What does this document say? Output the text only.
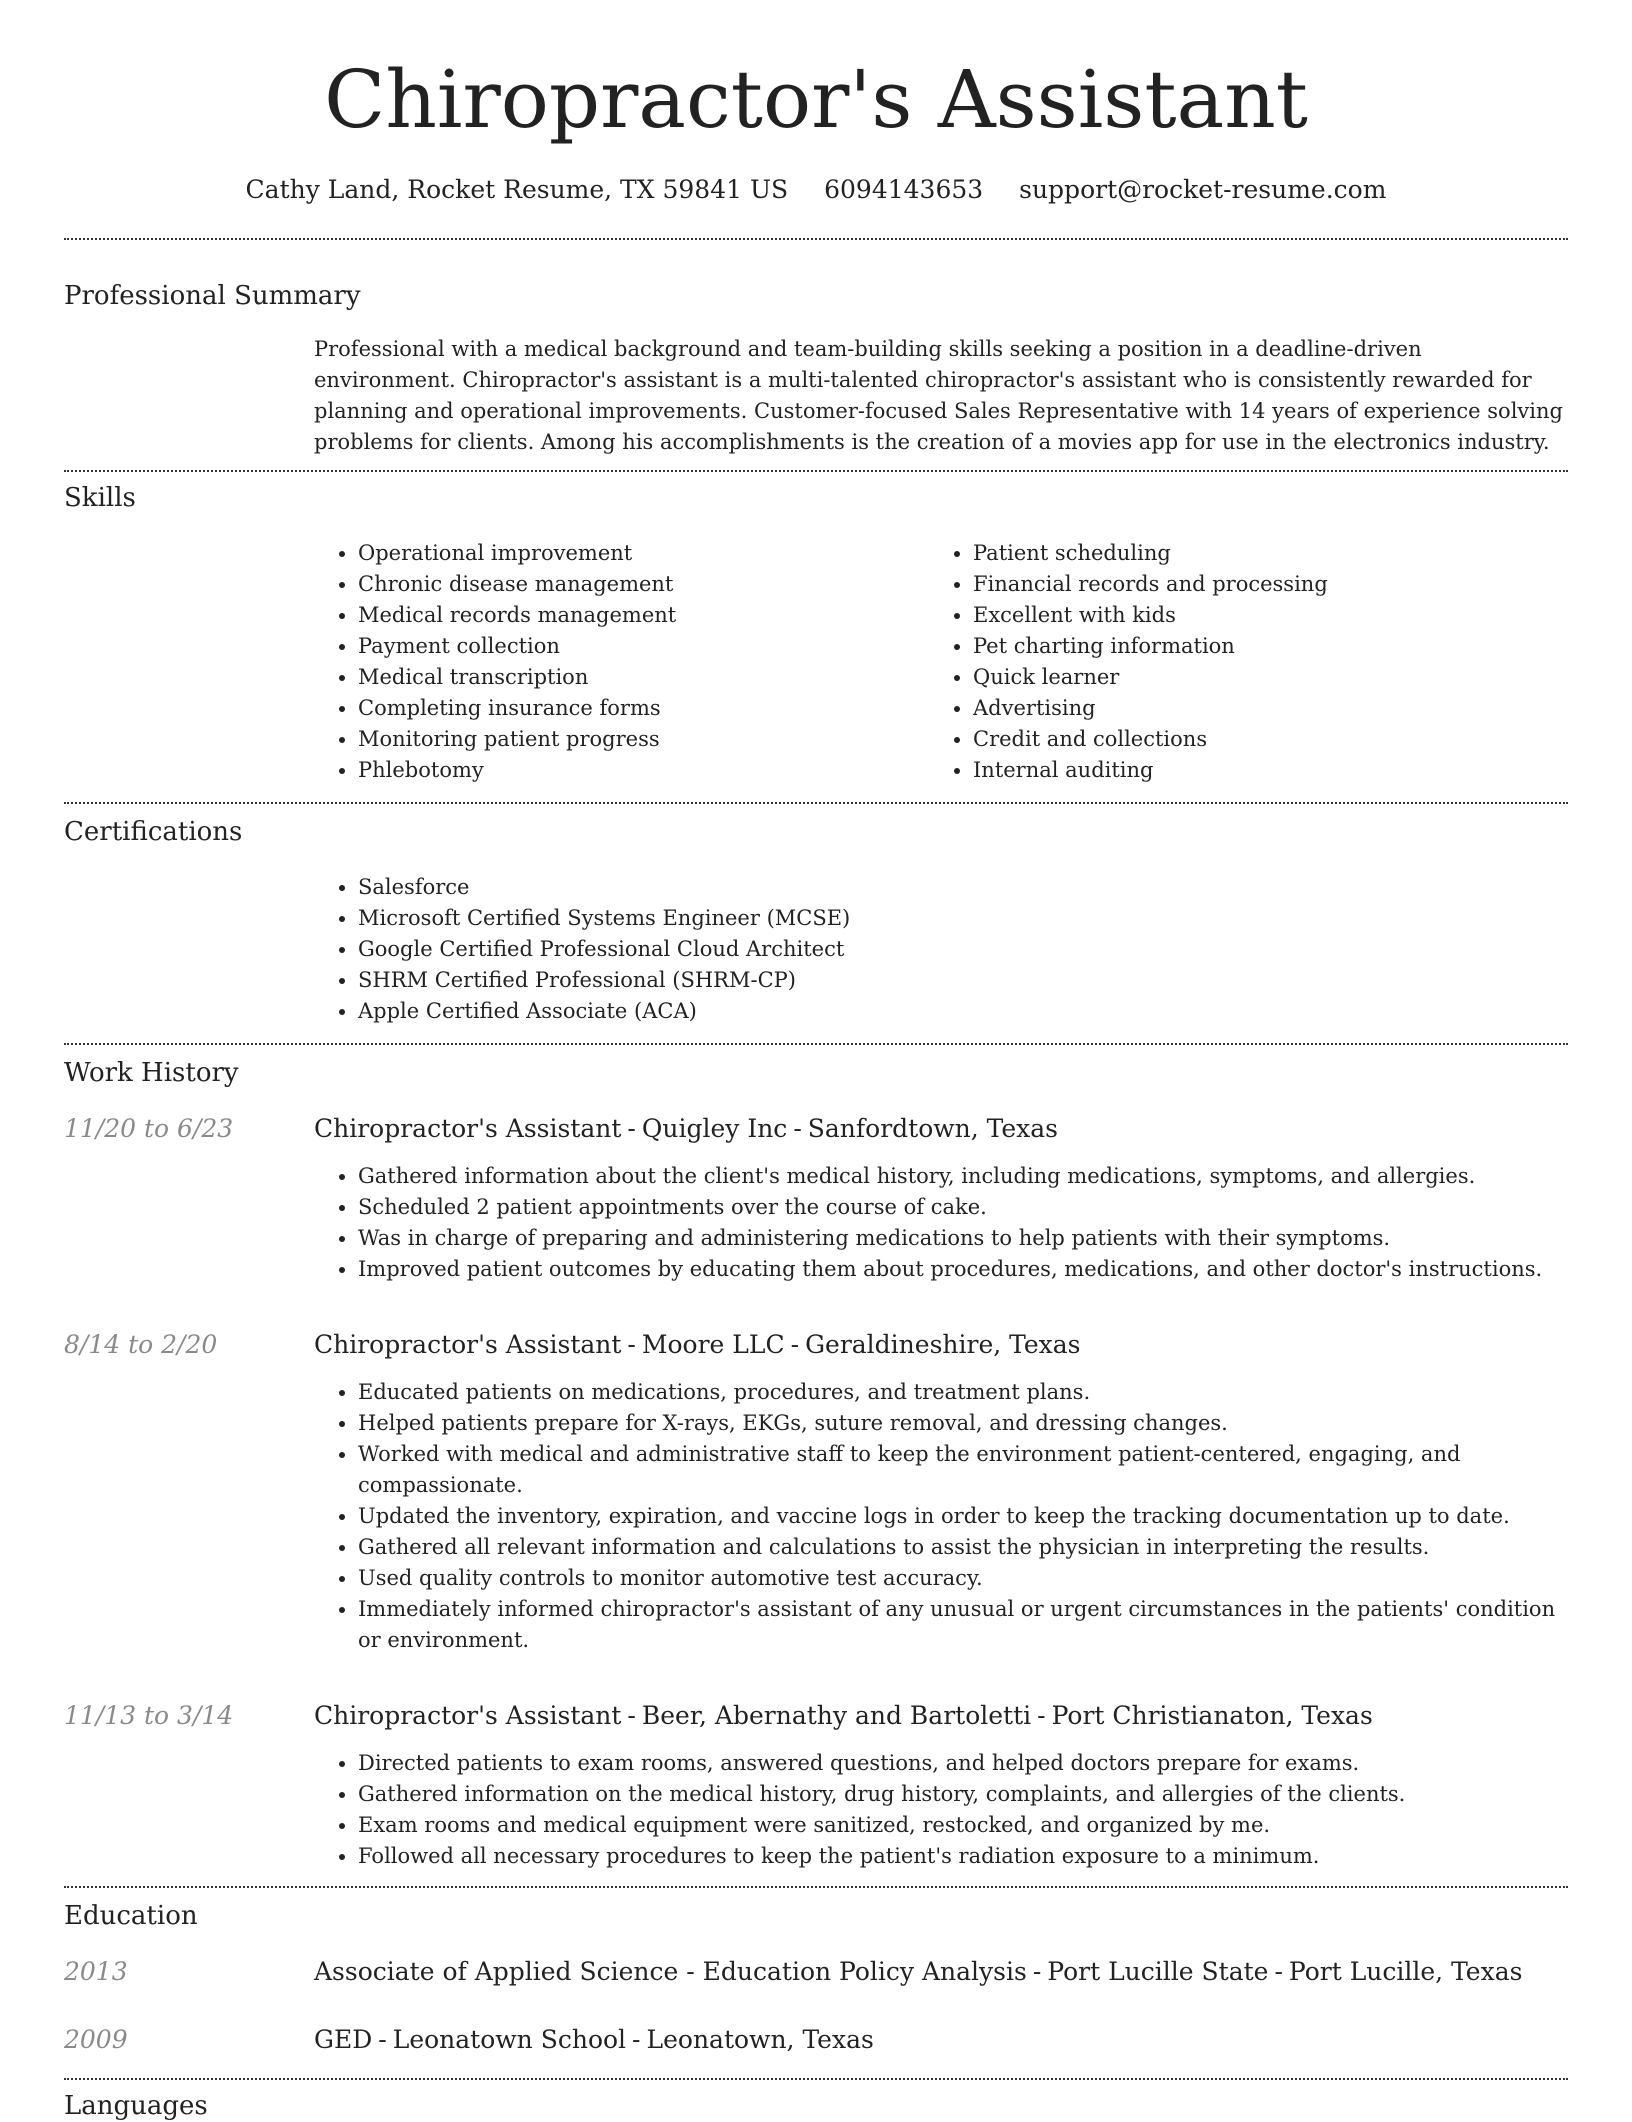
Chiropractor's Assistant
Cathy Land, Rocket Resume, TX 59841 US 6094143653 support@rocket-resume.com
Professional Summary

Professional with a medical background and team-building skills seeking a position in a deadline-driven environment. Chiropractor's assistant is a multi-talented chiropractor's assistant who is consistently rewarded for planning and operational improvements. Customer-focused Sales Representative with 14 years of experience solving problems for clients. Among his accomplishments is the creation of a movies app for use in the electronics industry.

Skills
• Operational improvement
• Chronic disease management
• Medical records management
• Payment collection
• Medical transcription
• Completing insurance forms
• Monitoring patient progress
• Phlebotomy
• Patient scheduling
• Financial records and processing
• Excellent with kids
• Pet charting information
• Quick learner
• Advertising
• Credit and collections
• Internal auditing
Certifications
• Salesforce
• Microsoft Certified Systems Engineer (MCSE)
• Google Certified Professional Cloud Architect
• SHRM Certified Professional (SHRM-CP)
• Apple Certified Associate (ACA)
Work History
11/20 to 6/23	Chiropractor's Assistant - Quigley Inc - Sanfordtown, Texas
• Gathered information about the client's medical history, including medications, symptoms, and allergies.
• Scheduled 2 patient appointments over the course of cake.
• Was in charge of preparing and administering medications to help patients with their symptoms.
• Improved patient outcomes by educating them about procedures, medications, and other doctor's instructions.
8/14 to 2/20	Chiropractor's Assistant - Moore LLC - Geraldineshire, Texas
• Educated patients on medications, procedures, and treatment plans.
• Helped patients prepare for X-rays, EKGs, suture removal, and dressing changes.
• Worked with medical and administrative staff to keep the environment patient-centered, engaging, and compassionate.
• Updated the inventory, expiration, and vaccine logs in order to keep the tracking documentation up to date.
• Gathered all relevant information and calculations to assist the physician in interpreting the results.
• Used quality controls to monitor automotive test accuracy.
• Immediately informed chiropractor's assistant of any unusual or urgent circumstances in the patients' condition or environment.
11/13 to 3/14	Chiropractor's Assistant - Beer, Abernathy and Bartoletti - Port Christianaton, Texas
• Directed patients to exam rooms, answered questions, and helped doctors prepare for exams.
• Gathered information on the medical history, drug history, complaints, and allergies of the clients.
• Exam rooms and medical equipment were sanitized, restocked, and organized by me.
• Followed all necessary procedures to keep the patient's radiation exposure to a minimum.
Education
2013	Associate of Applied Science - Education Policy Analysis - Port Lucille State - Port Lucille, Texas
2009	GED - Leonatown School - Leonatown, Texas
Languages
